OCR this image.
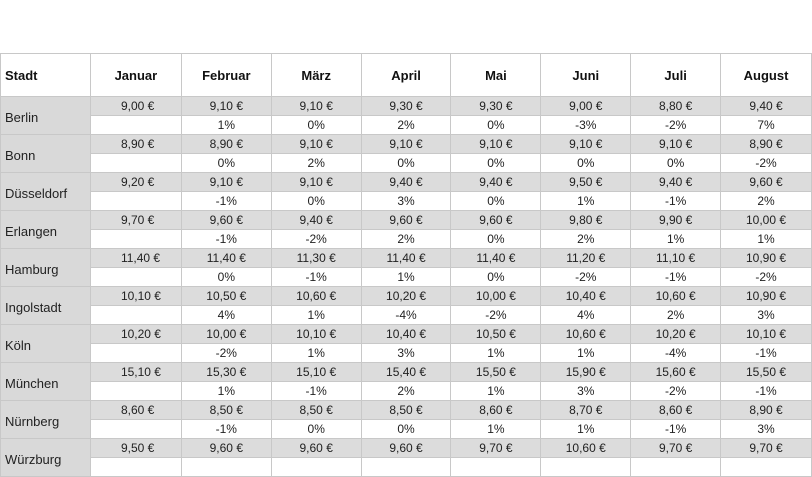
Stadt	Januar	Februar	März	April	Mai	Juni	Juli	August
Berlin	9,00 €	9,10 €	9,10 €	9,30 €	9,30 €	9,00 €	8,80 €	9,40 €
		1%	0%	2%	0%	-3%	-2%	7%
Bonn	8,90 €	8,90 €	9,10 €	9,10 €	9,10 €	9,10 €	9,10 €	8,90 €
		0%	2%	0%	0%	0%	0%	-2%
Düsseldorf	9,20 €	9,10 €	9,10 €	9,40 €	9,40 €	9,50 €	9,40 €	9,60 €
		-1%	0%	3%	0%	1%	-1%	2%
Erlangen	9,70 €	9,60 €	9,40 €	9,60 €	9,60 €	9,80 €	9,90 €	10,00 €
		-1%	-2%	2%	0%	2%	1%	1%
Hamburg	11,40 €	11,40 €	11,30 €	11,40 €	11,40 €	11,20 €	11,10 €	10,90 €
		0%	-1%	1%	0%	-2%	-1%	-2%
Ingolstadt	10,10 €	10,50 €	10,60 €	10,20 €	10,00 €	10,40 €	10,60 €	10,90 €
		4%	1%	-4%	-2%	4%	2%	3%
Köln	10,20 €	10,00 €	10,10 €	10,40 €	10,50 €	10,60 €	10,20 €	10,10 €
		-2%	1%	3%	1%	1%	-4%	-1%
München	15,10 €	15,30 €	15,10 €	15,40 €	15,50 €	15,90 €	15,60 €	15,50 €
		1%	-1%	2%	1%	3%	-2%	-1%
Nürnberg	8,60 €	8,50 €	8,50 €	8,50 €	8,60 €	8,70 €	8,60 €	8,90 €
		-1%	0%	0%	1%	1%	-1%	3%
Würzburg	9,50 €	9,60 €	9,60 €	9,60 €	9,70 €	10,60 €	9,70 €	9,70 €
